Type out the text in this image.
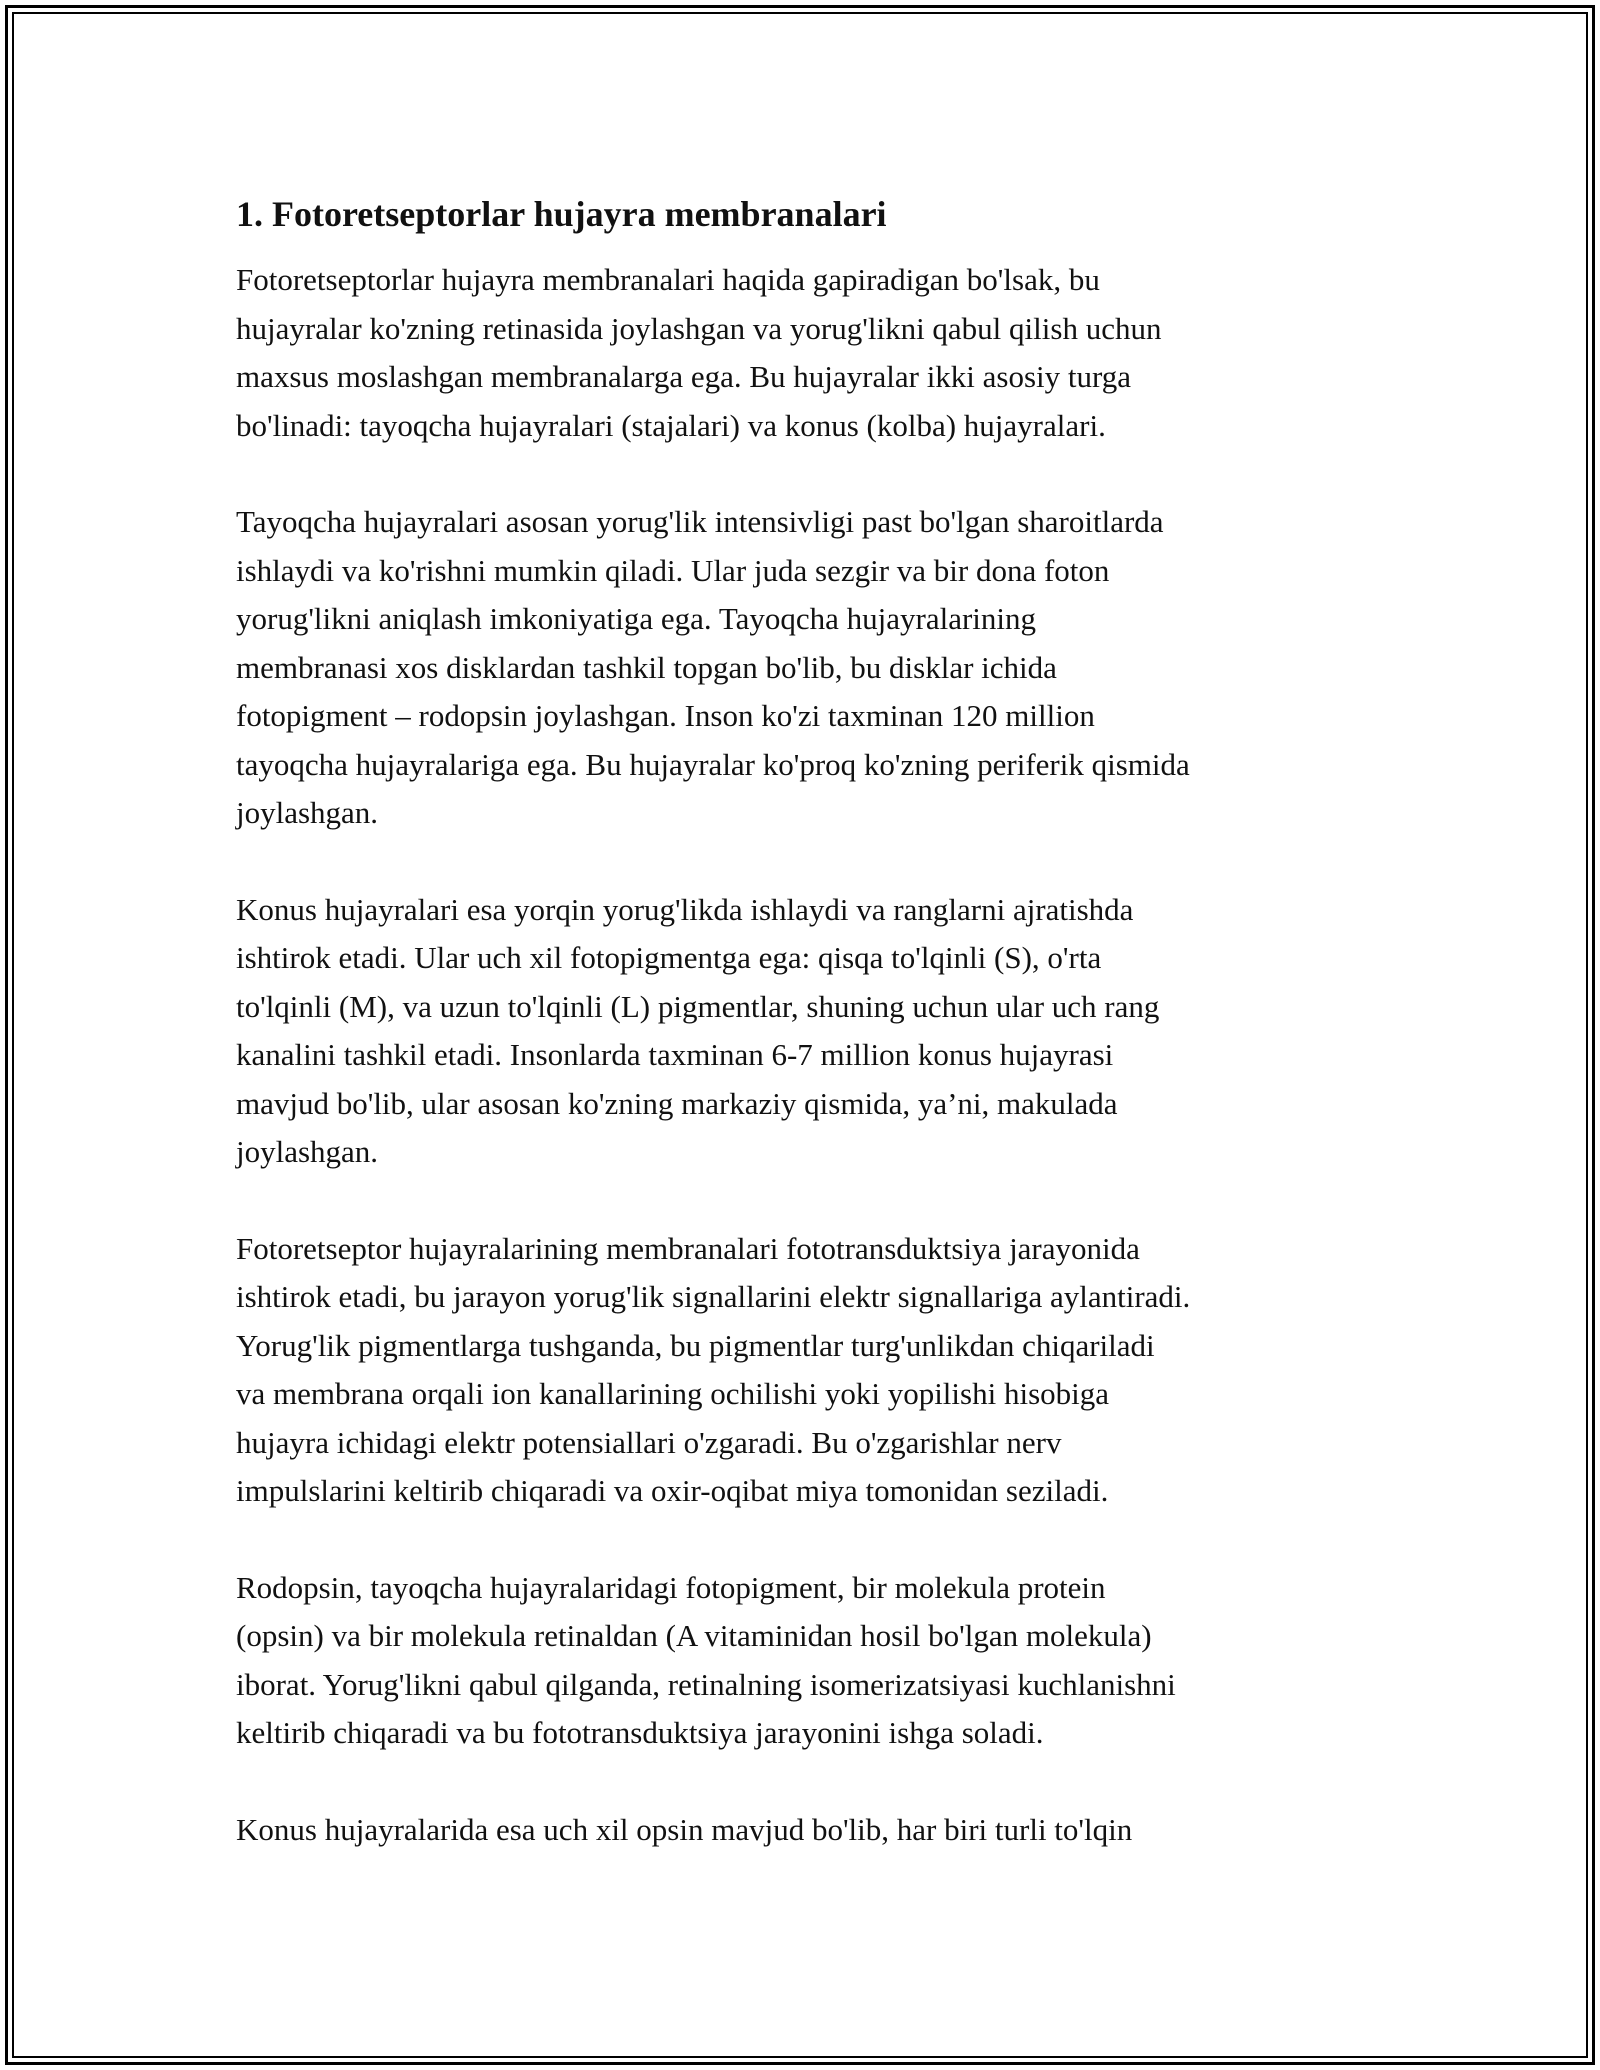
1. Fotoretseptorlar hujayra membranalari

Fotoretseptorlar hujayra membranalari haqida gapiradigan bo'lsak, bu
hujayralar ko'zning retinasida joylashgan va yorug'likni qabul qilish uchun
maxsus moslashgan membranalarga ega. Bu hujayralar ikki asosiy turga
bo'linadi: tayoqcha hujayralari (stajalari) va konus (kolba) hujayralari.

Tayoqcha hujayralari asosan yorug'lik intensivligi past bo'lgan sharoitlarda
ishlaydi va ko'rishni mumkin qiladi. Ular juda sezgir va bir dona foton
yorug'likni aniqlash imkoniyatiga ega. Tayoqcha hujayralarining
membranasi xos disklardan tashkil topgan bo'lib, bu disklar ichida
fotopigment – rodopsin joylashgan. Inson ko'zi taxminan 120 million
tayoqcha hujayralariga ega. Bu hujayralar ko'proq ko'zning periferik qismida
joylashgan.

Konus hujayralari esa yorqin yorug'likda ishlaydi va ranglarni ajratishda
ishtirok etadi. Ular uch xil fotopigmentga ega: qisqa to'lqinli (S), o'rta
to'lqinli (M), va uzun to'lqinli (L) pigmentlar, shuning uchun ular uch rang
kanalini tashkil etadi. Insonlarda taxminan 6-7 million konus hujayrasi
mavjud bo'lib, ular asosan ko'zning markaziy qismida, ya’ni, makulada
joylashgan.

Fotoretseptor hujayralarining membranalari fototransduktsiya jarayonida
ishtirok etadi, bu jarayon yorug'lik signallarini elektr signallariga aylantiradi.
Yorug'lik pigmentlarga tushganda, bu pigmentlar turg'unlikdan chiqariladi
va membrana orqali ion kanallarining ochilishi yoki yopilishi hisobiga
hujayra ichidagi elektr potensiallari o'zgaradi. Bu o'zgarishlar nerv
impulslarini keltirib chiqaradi va oxir-oqibat miya tomonidan seziladi.

Rodopsin, tayoqcha hujayralaridagi fotopigment, bir molekula protein
(opsin) va bir molekula retinaldan (A vitaminidan hosil bo'lgan molekula)
iborat. Yorug'likni qabul qilganda, retinalning isomerizatsiyasi kuchlanishni
keltirib chiqaradi va bu fototransduktsiya jarayonini ishga soladi.

Konus hujayralarida esa uch xil opsin mavjud bo'lib, har biri turli to'lqin
